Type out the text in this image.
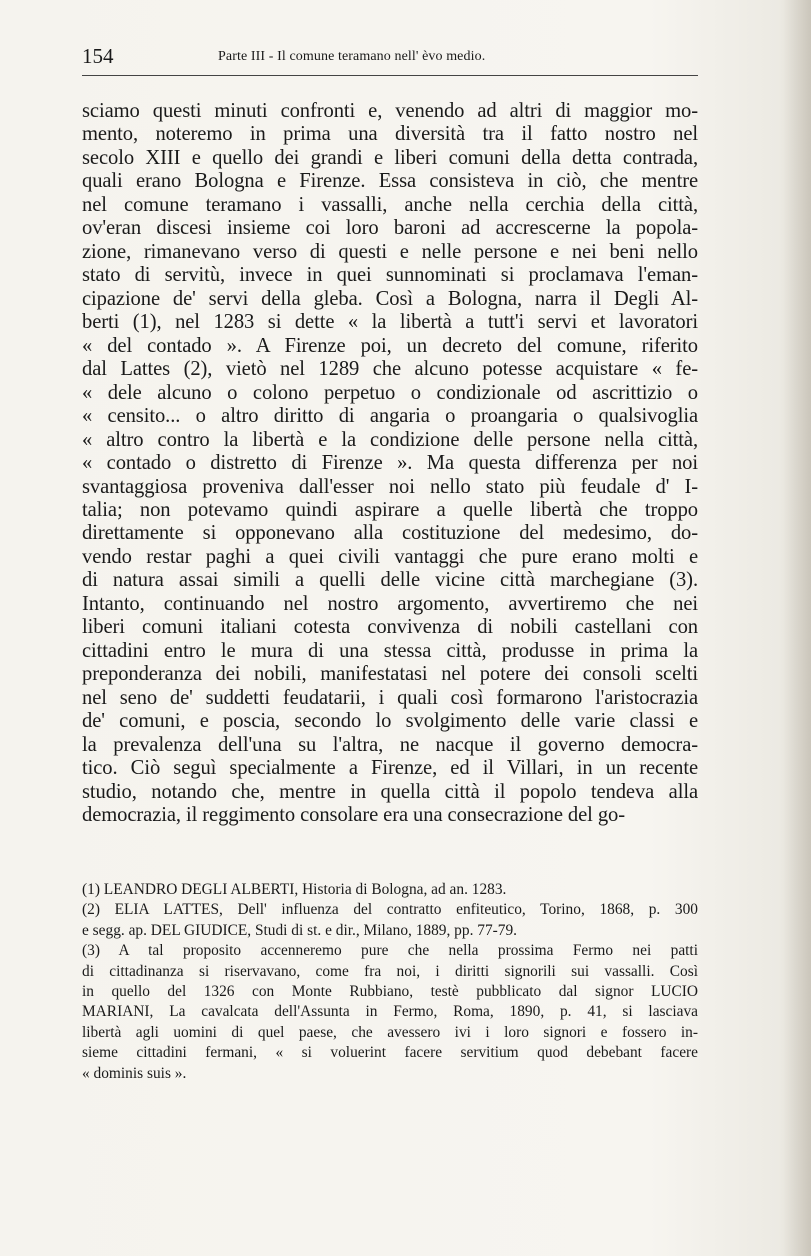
154	Parte III - Il comune teramano nell' èvo medio.
sciamo questi minuti confronti e, venendo ad altri di maggior mo-
mento, noteremo in prima una diversità tra il fatto nostro nel
secolo XIII e quello dei grandi e liberi comuni della detta contrada,
quali erano Bologna e Firenze. Essa consisteva in ciò, che mentre
nel comune teramano i vassalli, anche nella cerchia della città,
ov'eran discesi insieme coi loro baroni ad accrescerne la popola-
zione, rimanevano verso di questi e nelle persone e nei beni nello
stato di servitù, invece in quei sunnominati si proclamava l'eman-
cipazione de' servi della gleba. Così a Bologna, narra il Degli Al-
berti (1), nel 1283 si dette « la libertà a tutt'i servi et lavoratori
« del contado ». A Firenze poi, un decreto del comune, riferito
dal Lattes (2), vietò nel 1289 che alcuno potesse acquistare « fe-
« dele alcuno o colono perpetuo o condizionale od ascrittizio o
« censito... o altro diritto di angaria o proangaria o qualsivoglia
« altro contro la libertà e la condizione delle persone nella città,
« contado o distretto di Firenze ». Ma questa differenza per noi
svantaggiosa proveniva dall'esser noi nello stato più feudale d' I-
talia; non potevamo quindi aspirare a quelle libertà che troppo
direttamente si opponevano alla costituzione del medesimo, do-
vendo restar paghi a quei civili vantaggi che pure erano molti e
di natura assai simili a quelli delle vicine città marchegiane (3).
Intanto, continuando nel nostro argomento, avvertiremo che nei
liberi comuni italiani cotesta convivenza di nobili castellani con
cittadini entro le mura di una stessa città, produsse in prima la
preponderanza dei nobili, manifestatasi nel potere dei consoli scelti
nel seno de' suddetti feudatarii, i quali così formarono l'aristocrazia
de' comuni, e poscia, secondo lo svolgimento delle varie classi e
la prevalenza dell'una su l'altra, ne nacque il governo democra-
tico. Ciò seguì specialmente a Firenze, ed il Villari, in un recente
studio, notando che, mentre in quella città il popolo tendeva alla
democrazia, il reggimento consolare era una consecrazione del go-
(1) LEANDRO DEGLI ALBERTI, Historia di Bologna, ad an. 1283.
(2) ELIA LATTES, Dell' influenza del contratto enfiteutico, Torino, 1868, p. 300
e segg. ap. DEL GIUDICE, Studi di st. e dir., Milano, 1889, pp. 77-79.
(3) A tal proposito accenneremo pure che nella prossima Fermo nei patti
di cittadinanza si riservavano, come fra noi, i diritti signorili sui vassalli. Così
in quello del 1326 con Monte Rubbiano, testè pubblicato dal signor LUCIO
MARIANI, La cavalcata dell'Assunta in Fermo, Roma, 1890, p. 41, si lasciava
libertà agli uomini di quel paese, che avessero ivi i loro signori e fossero in-
sieme cittadini fermani, « si voluerint facere servitium quod debebant facere
« dominis suis ».
